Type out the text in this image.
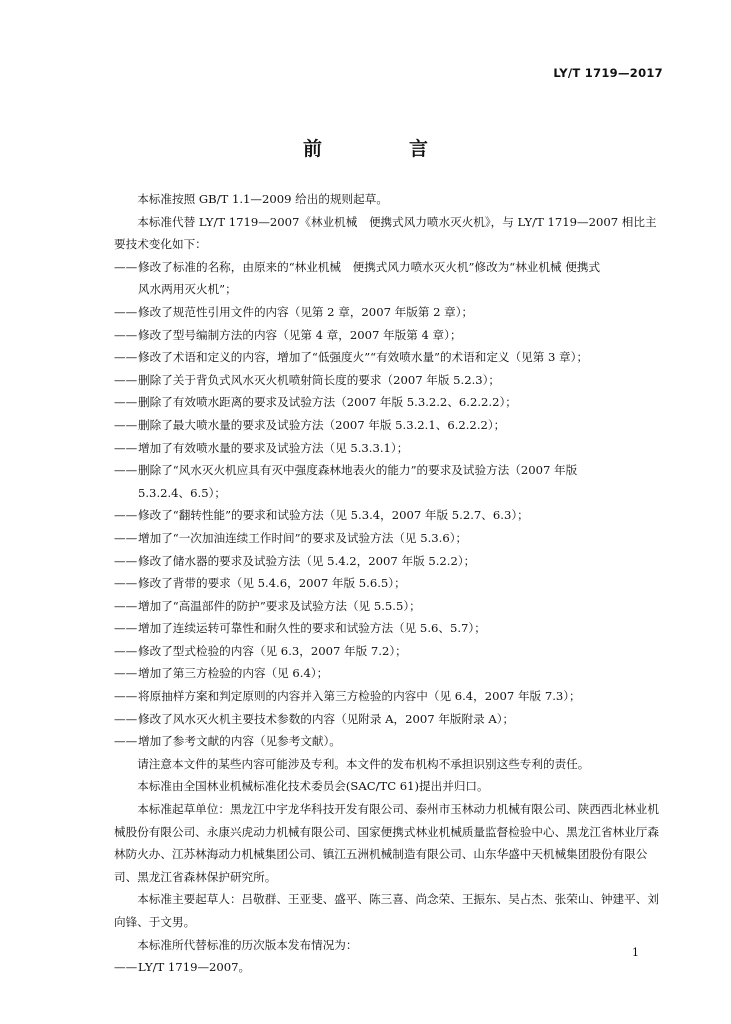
LY/T 1719—2017
前　言

本标准按照 GB/T 1.1—2009 给出的规则起草。

本标准代替 LY/T 1719—2007《林业机械　便携式风力喷水灭火机》，与 LY/T 1719—2007 相比主要技术变化如下：

——修改了标准的名称，由原来的“林业机械　便携式风力喷水灭火机”修改为“林业机械 便携式

风水两用灭火机”；

——修改了规范性引用文件的内容（见第 2 章，2007 年版第 2 章）；

——修改了型号编制方法的内容（见第 4 章，2007 年版第 4 章）；

——修改了术语和定义的内容，增加了“低强度火”“有效喷水量”的术语和定义（见第 3 章）；

——删除了关于背负式风水灭火机喷射筒长度的要求（2007 年版 5.2.3）；

——删除了有效喷水距离的要求及试验方法（2007 年版 5.3.2.2、6.2.2.2）；

——删除了最大喷水量的要求及试验方法（2007 年版 5.3.2.1、6.2.2.2）；

——增加了有效喷水量的要求及试验方法（见 5.3.3.1）；

——删除了“风水灭火机应具有灭中强度森林地表火的能力”的要求及试验方法（2007 年版

5.3.2.4、6.5）；

——修改了“翻转性能”的要求和试验方法（见 5.3.4，2007 年版 5.2.7、6.3）；

——增加了“一次加油连续工作时间”的要求及试验方法（见 5.3.6）；

——修改了储水器的要求及试验方法（见 5.4.2，2007 年版 5.2.2）；

——修改了背带的要求（见 5.4.6，2007 年版 5.6.5）；

——增加了“高温部件的防护”要求及试验方法（见 5.5.5）；

——增加了连续运转可靠性和耐久性的要求和试验方法（见 5.6、5.7）；

——修改了型式检验的内容（见 6.3，2007 年版 7.2）；

——增加了第三方检验的内容（见 6.4）；

——将原抽样方案和判定原则的内容并入第三方检验的内容中（见 6.4，2007 年版 7.3）；

——修改了风水灭火机主要技术参数的内容（见附录 A，2007 年版附录 A）；

——增加了参考文献的内容（见参考文献）。

请注意本文件的某些内容可能涉及专利。本文件的发布机构不承担识别这些专利的责任。

本标准由全国林业机械标准化技术委员会(SAC/TC 61)提出并归口。

本标准起草单位：黑龙江中宇龙华科技开发有限公司、泰州市玉林动力机械有限公司、陕西西北林业机械股份有限公司、永康兴虎动力机械有限公司、国家便携式林业机械质量监督检验中心、黑龙江省林业厅森林防火办、江苏林海动力机械集团公司、镇江五洲机械制造有限公司、山东华盛中天机械集团股份有限公司、黑龙江省森林保护研究所。

本标准主要起草人：吕敬群、王亚斐、盛平、陈三喜、尚念荣、王振东、吴占杰、张荣山、钟建平、刘向锋、于文男。

本标准所代替标准的历次版本发布情况为：

——LY/T 1719—2007。

1
